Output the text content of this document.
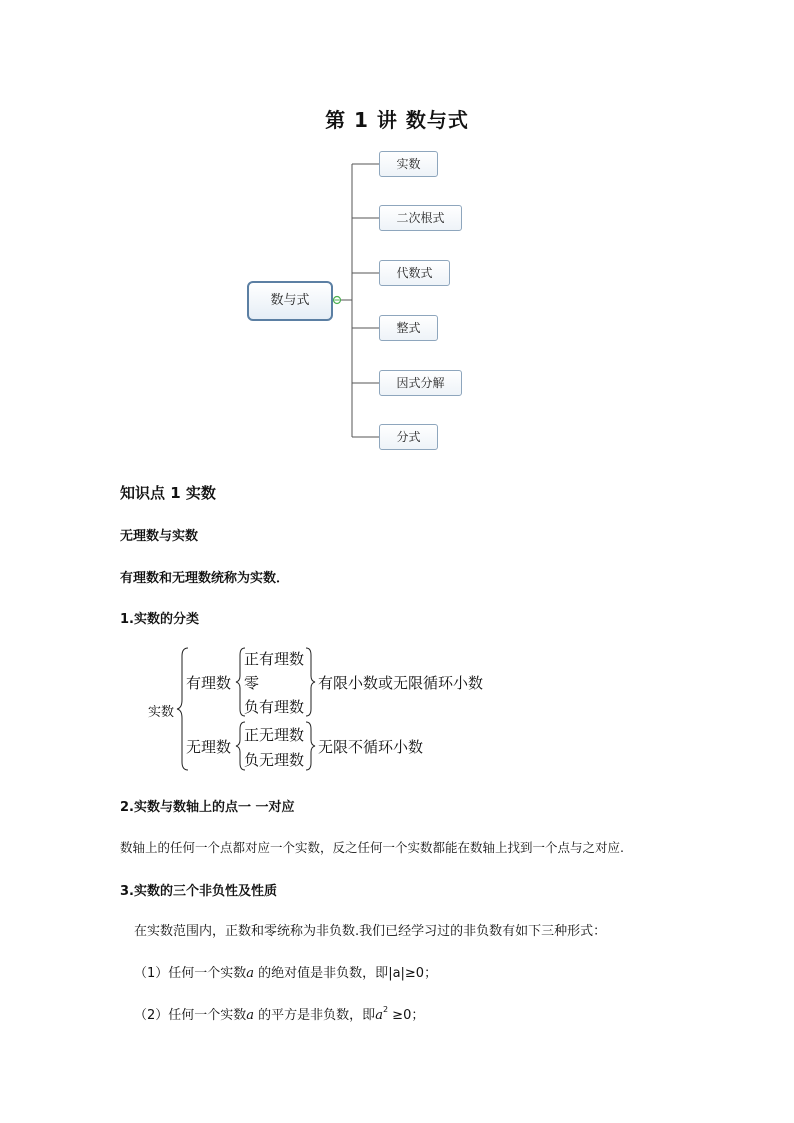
第 1 讲 数与式
数与式
实数
二次根式
代数式
整式
因式分解
分式
知识点 1 实数
无理数与实数
有理数和无理数统称为实数．
1.实数的分类
实数
有理数
正有理数
零
负有理数
有限小数或无限循环小数
无理数
正无理数
负无理数
无限不循环小数
2.实数与数轴上的点一 一对应
数轴上的任何一个点都对应一个实数，反之任何一个实数都能在数轴上找到一个点与之对应.
3.实数的三个非负性及性质
在实数范围内，正数和零统称为非负数.我们已经学习过的非负数有如下三种形式：
（1）任何一个实数a 的绝对值是非负数，即|a|≥0；
（2）任何一个实数a 的平方是非负数，即$a^2 \ge 0$；
